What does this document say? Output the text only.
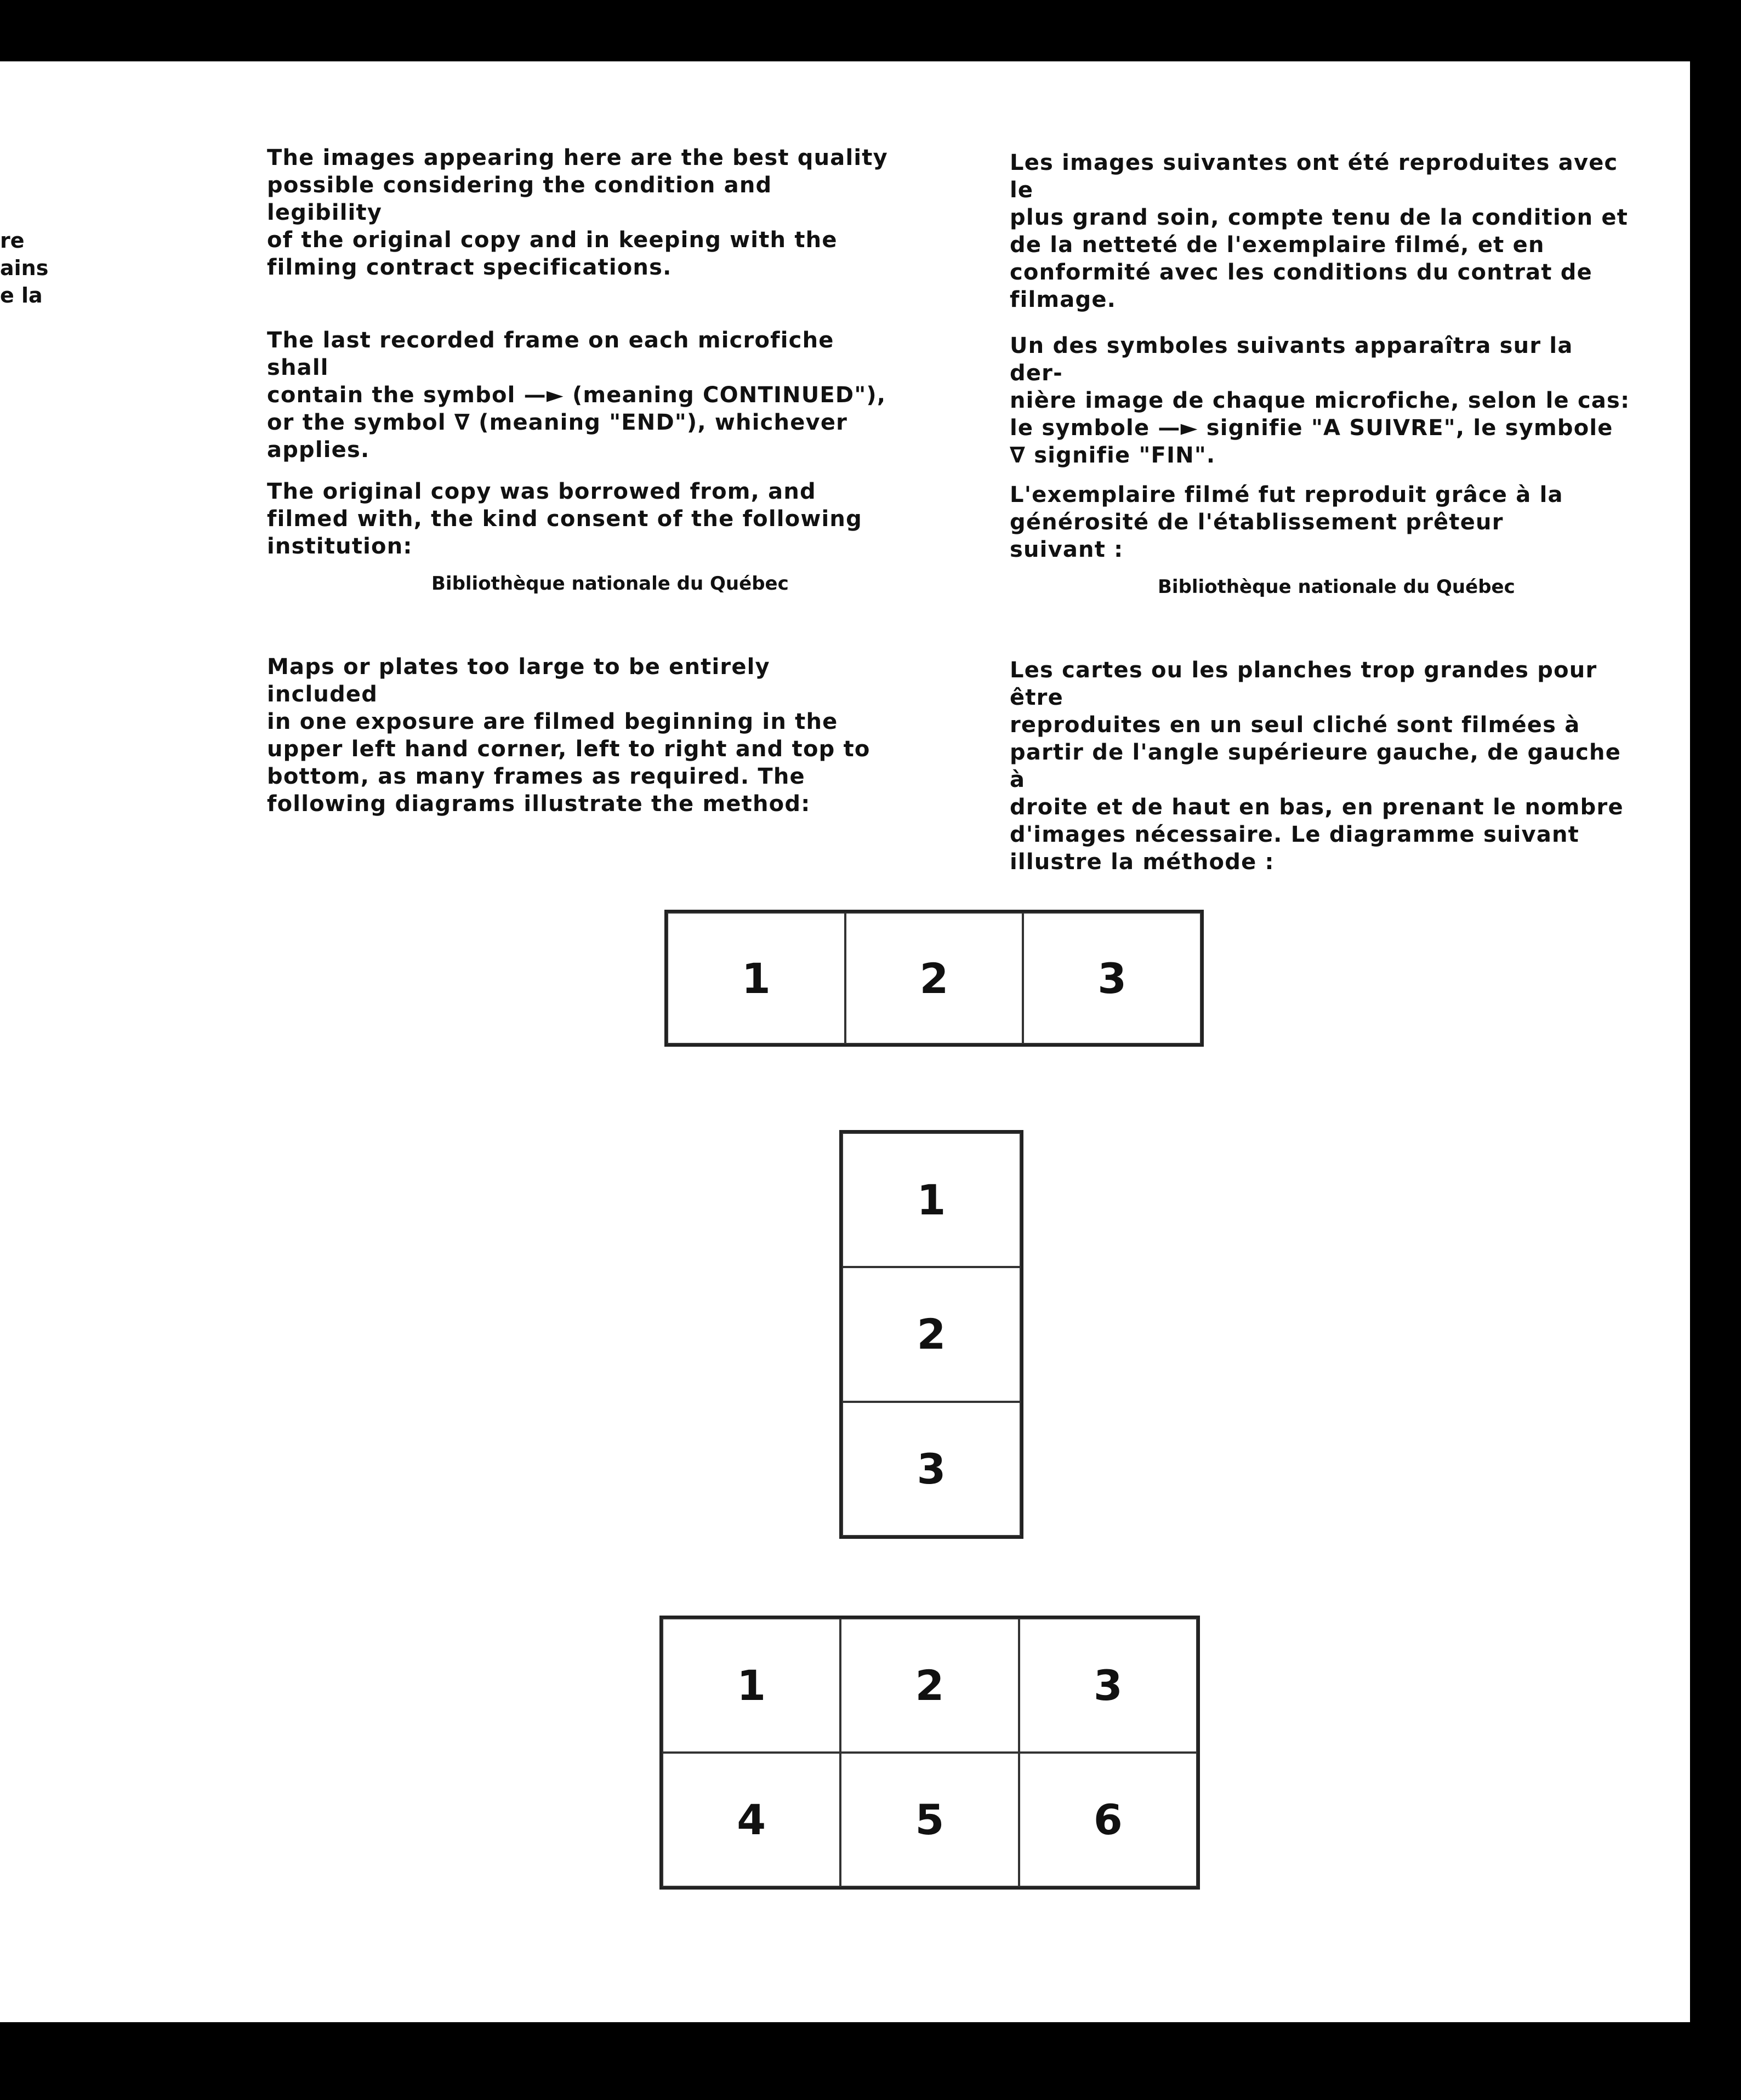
re
ains
e la
The images appearing here are the best quality
possible considering the condition and legibility
of the original copy and in keeping with the
filming contract specifications.
The last recorded frame on each microfiche shall
contain the symbol —► (meaning CONTINUED"),
or the symbol ∇ (meaning "END"), whichever
applies.
The original copy was borrowed from, and
filmed with, the kind consent of the following
institution:
Maps or plates too large to be entirely included
in one exposure are filmed beginning in the
upper left hand corner, left to right and top to
bottom, as many frames as required. The
following diagrams illustrate the method:
Bibliothèque nationale du Québec
Les images suivantes ont été reproduites avec le
plus grand soin, compte tenu de la condition et
de la netteté de l'exemplaire filmé, et en
conformité avec les conditions du contrat de
filmage.
Un des symboles suivants apparaîtra sur la der-
nière image de chaque microfiche, selon le cas:
le symbole —► signifie "A SUIVRE", le symbole
∇ signifie "FIN".
L'exemplaire filmé fut reproduit grâce à la
générosité de l'établissement prêteur
suivant :
Les cartes ou les planches trop grandes pour être
reproduites en un seul cliché sont filmées à
partir de l'angle supérieure gauche, de gauche à
droite et de haut en bas, en prenant le nombre
d'images nécessaire. Le diagramme suivant
illustre la méthode :
Bibliothèque nationale du Québec
1	2	3
1
2
3
1	2	3
4	5	6
